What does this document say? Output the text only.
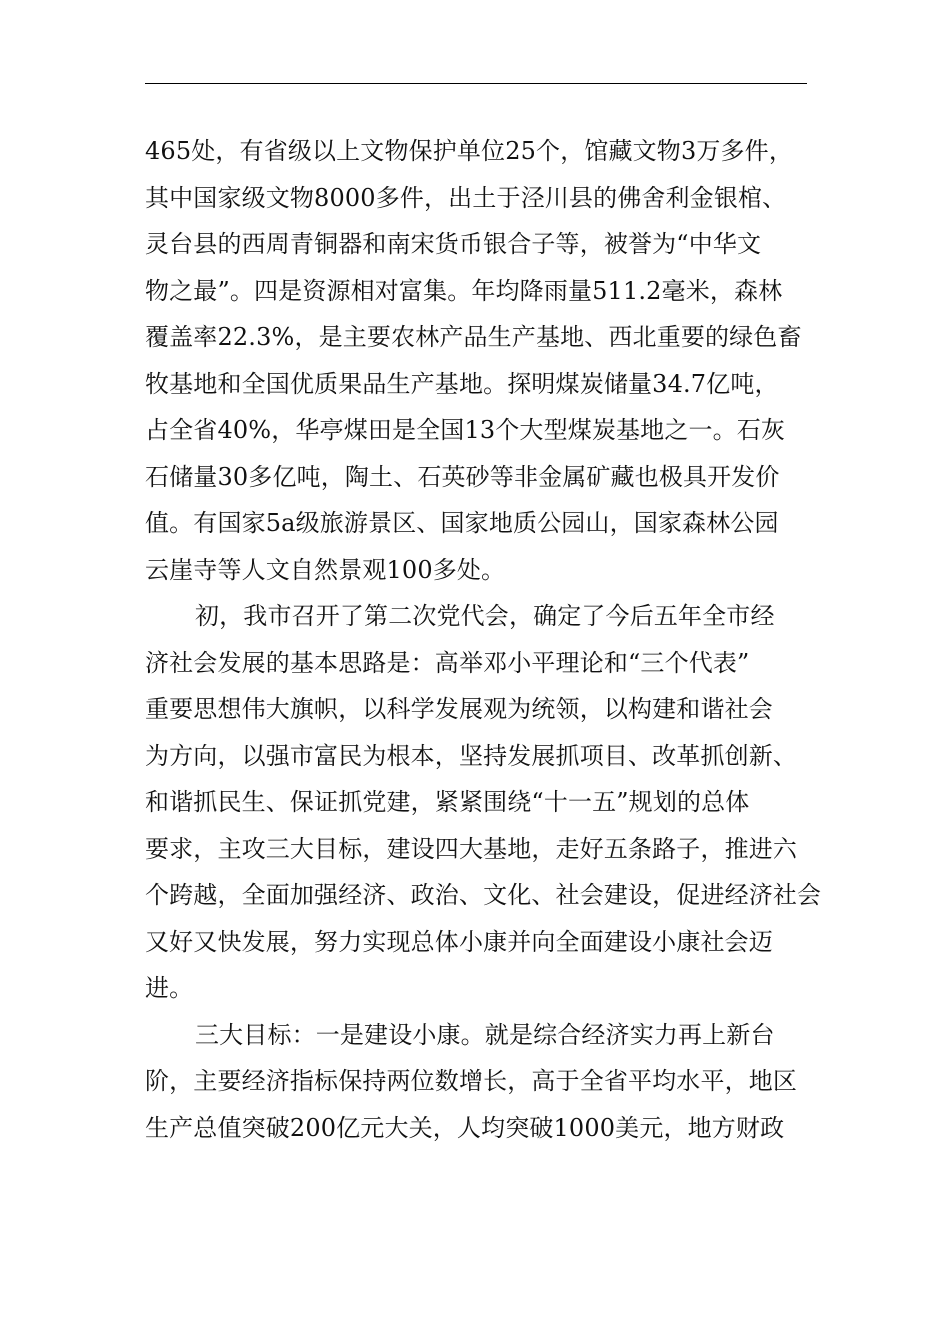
465处，有省级以上文物保护单位25个，馆藏文物3万多件，
其中国家级文物8000多件，出土于泾川县的佛舍利金银棺、
灵台县的西周青铜器和南宋货币银合子等，被誉为“中华文
物之最”。四是资源相对富集。年均降雨量511.2毫米，森林
覆盖率22.3%，是主要农林产品生产基地、西北重要的绿色畜
牧基地和全国优质果品生产基地。探明煤炭储量34.7亿吨，
占全省40%，华亭煤田是全国13个大型煤炭基地之一。石灰
石储量30多亿吨，陶土、石英砂等非金属矿藏也极具开发价
值。有国家5a级旅游景区、国家地质公园山，国家森林公园
云崖寺等人文自然景观100多处。
初，我市召开了第二次党代会，确定了今后五年全市经
济社会发展的基本思路是：高举邓小平理论和“三个代表”
重要思想伟大旗帜，以科学发展观为统领，以构建和谐社会
为方向，以强市富民为根本，坚持发展抓项目、改革抓创新、
和谐抓民生、保证抓党建，紧紧围绕“十一五”规划的总体
要求，主攻三大目标，建设四大基地，走好五条路子，推进六
个跨越，全面加强经济、政治、文化、社会建设，促进经济社会
又好又快发展，努力实现总体小康并向全面建设小康社会迈
进。
三大目标：一是建设小康。就是综合经济实力再上新台
阶，主要经济指标保持两位数增长，高于全省平均水平，地区
生产总值突破200亿元大关，人均突破1000美元，地方财政
